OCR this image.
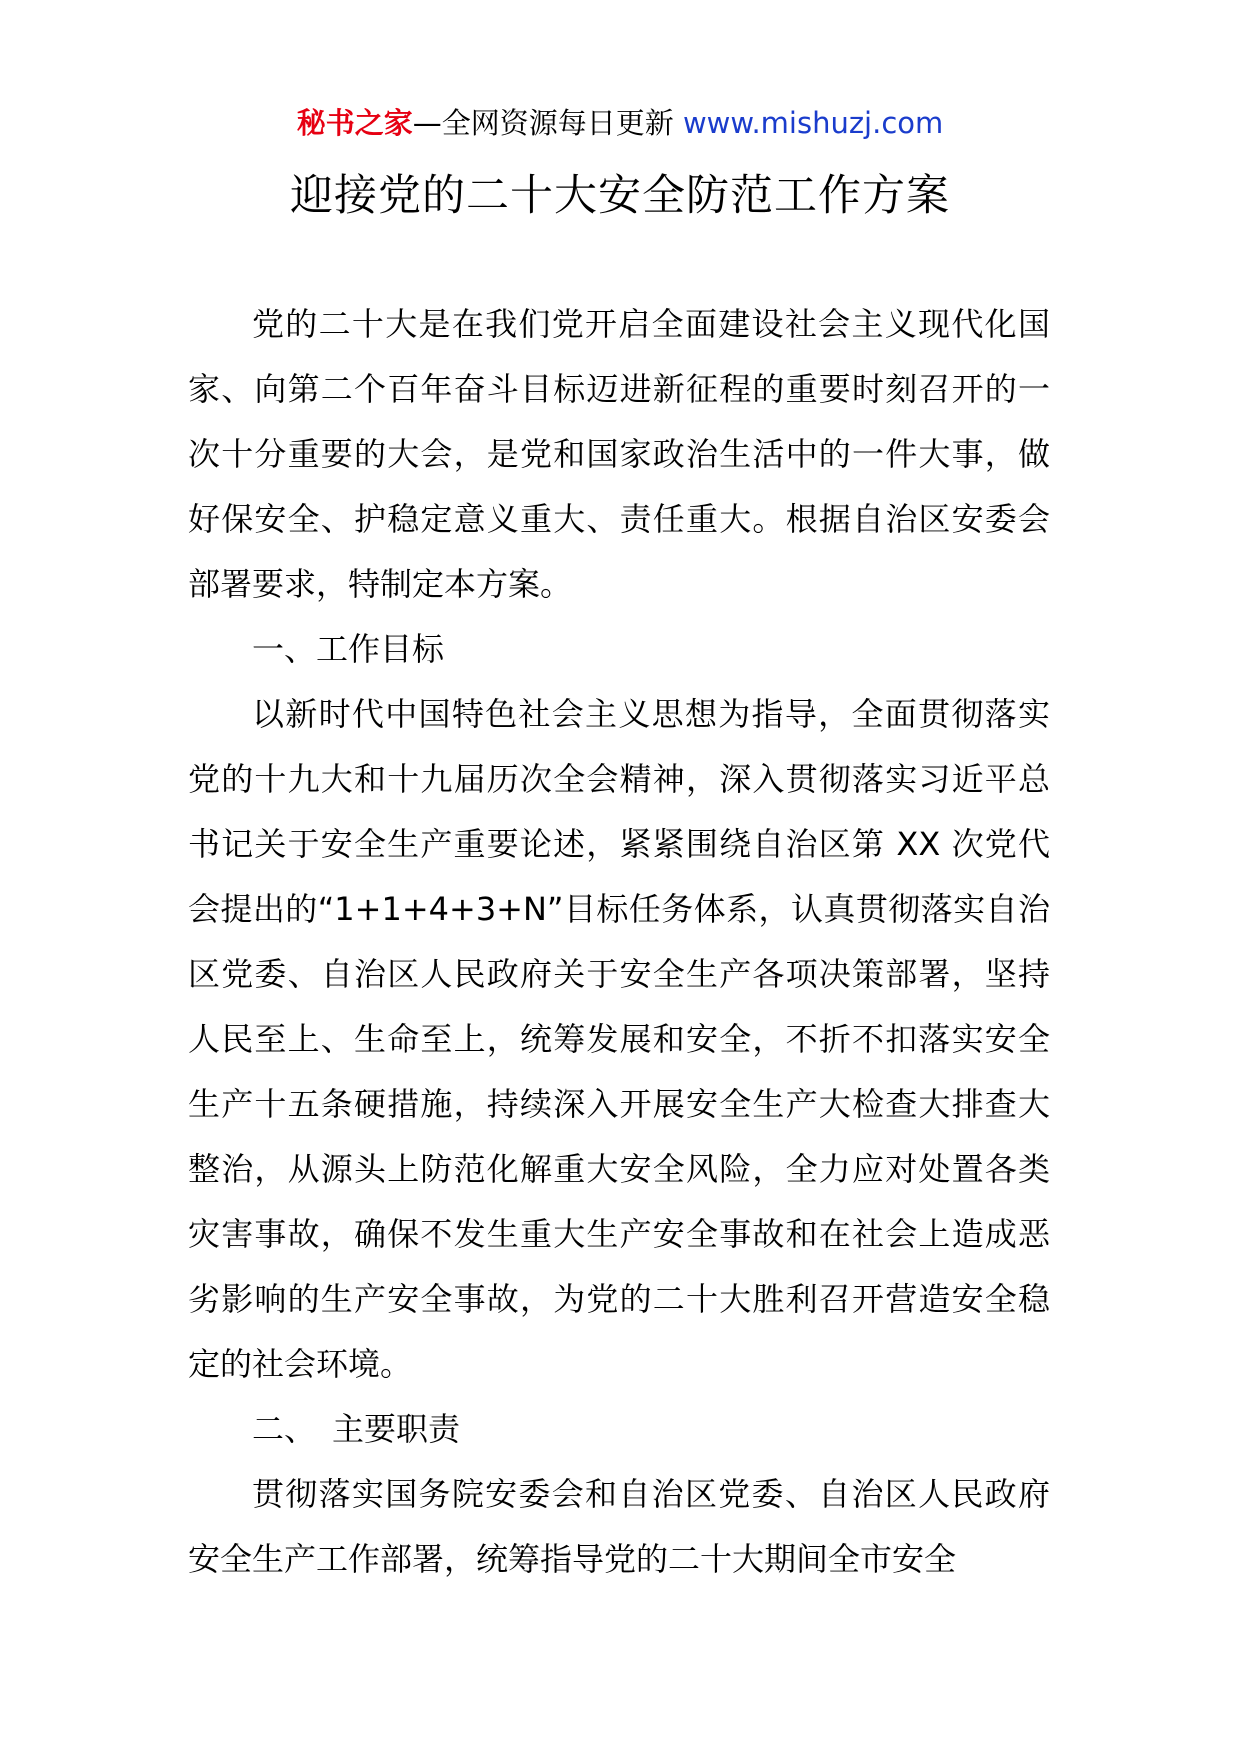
秘书之家—全网资源每日更新 www.mishuzj.com
迎接党的二十大安全防范工作方案

党的二十大是在我们党开启全面建设社会主义现代化国家、向第二个百年奋斗目标迈进新征程的重要时刻召开的一次十分重要的大会，是党和国家政治生活中的一件大事，做好保安全、护稳定意义重大、责任重大。根据自治区安委会部署要求，特制定本方案。

一、工作目标

以新时代中国特色社会主义思想为指导，全面贯彻落实党的十九大和十九届历次全会精神，深入贯彻落实习近平总书记关于安全生产重要论述，紧紧围绕自治区第 XX 次党代会提出的“1+1+4+3+N”目标任务体系，认真贯彻落实自治区党委、自治区人民政府关于安全生产各项决策部署，坚持人民至上、生命至上，统筹发展和安全，不折不扣落实安全生产十五条硬措施，持续深入开展安全生产大检查大排查大整治，从源头上防范化解重大安全风险，全力应对处置各类灾害事故，确保不发生重大生产安全事故和在社会上造成恶劣影响的生产安全事故，为党的二十大胜利召开营造安全稳定的社会环境。

二、　主要职责

贯彻落实国务院安委会和自治区党委、自治区人民政府安全生产工作部署，统筹指导党的二十大期间全市安全
